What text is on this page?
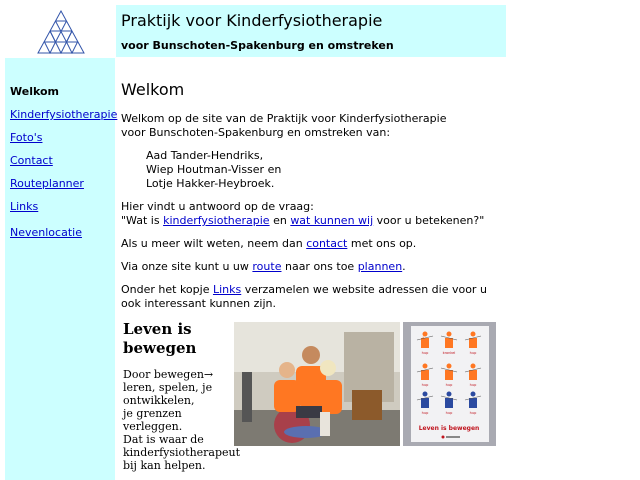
Praktijk voor Kinderfysiotherapie
voor Bunschoten-Spakenburg en omstreken
Welkom
Kinderfysiotherapie
Foto's
Contact
Routeplanner
Links
Nevenlocatie
Welkom

Welkom op de site van de Praktijk voor Kinderfysiotherapie
voor Bunschoten-Spakenburg en omstreken van:

Aad Tander-Hendriks,
Wiep Houtman-Visser en
Lotje Hakker-Heybroek.

Hier vindt u antwoord op de vraag:
"Wat is kinderfysiotherapie en wat kunnen wij voor u betekenen?"

Als u meer wilt weten, neem dan contact met ons op.

Via onze site kunt u uw route naar ons toe plannen.

Onder het kopje Links verzamelen we website adressen die voor u ook interessant kunnen zijn.

Leven is
bewegen
Door bewegen→
leren, spelen, je
ontwikkelen,
je grenzen
verleggen.
Dat is waar de
kinderfysiotherapeut
bij kan helpen.
hup	kronkel	hup
hup	hup	hup
hup	hup	hup
Leven is bewegen
